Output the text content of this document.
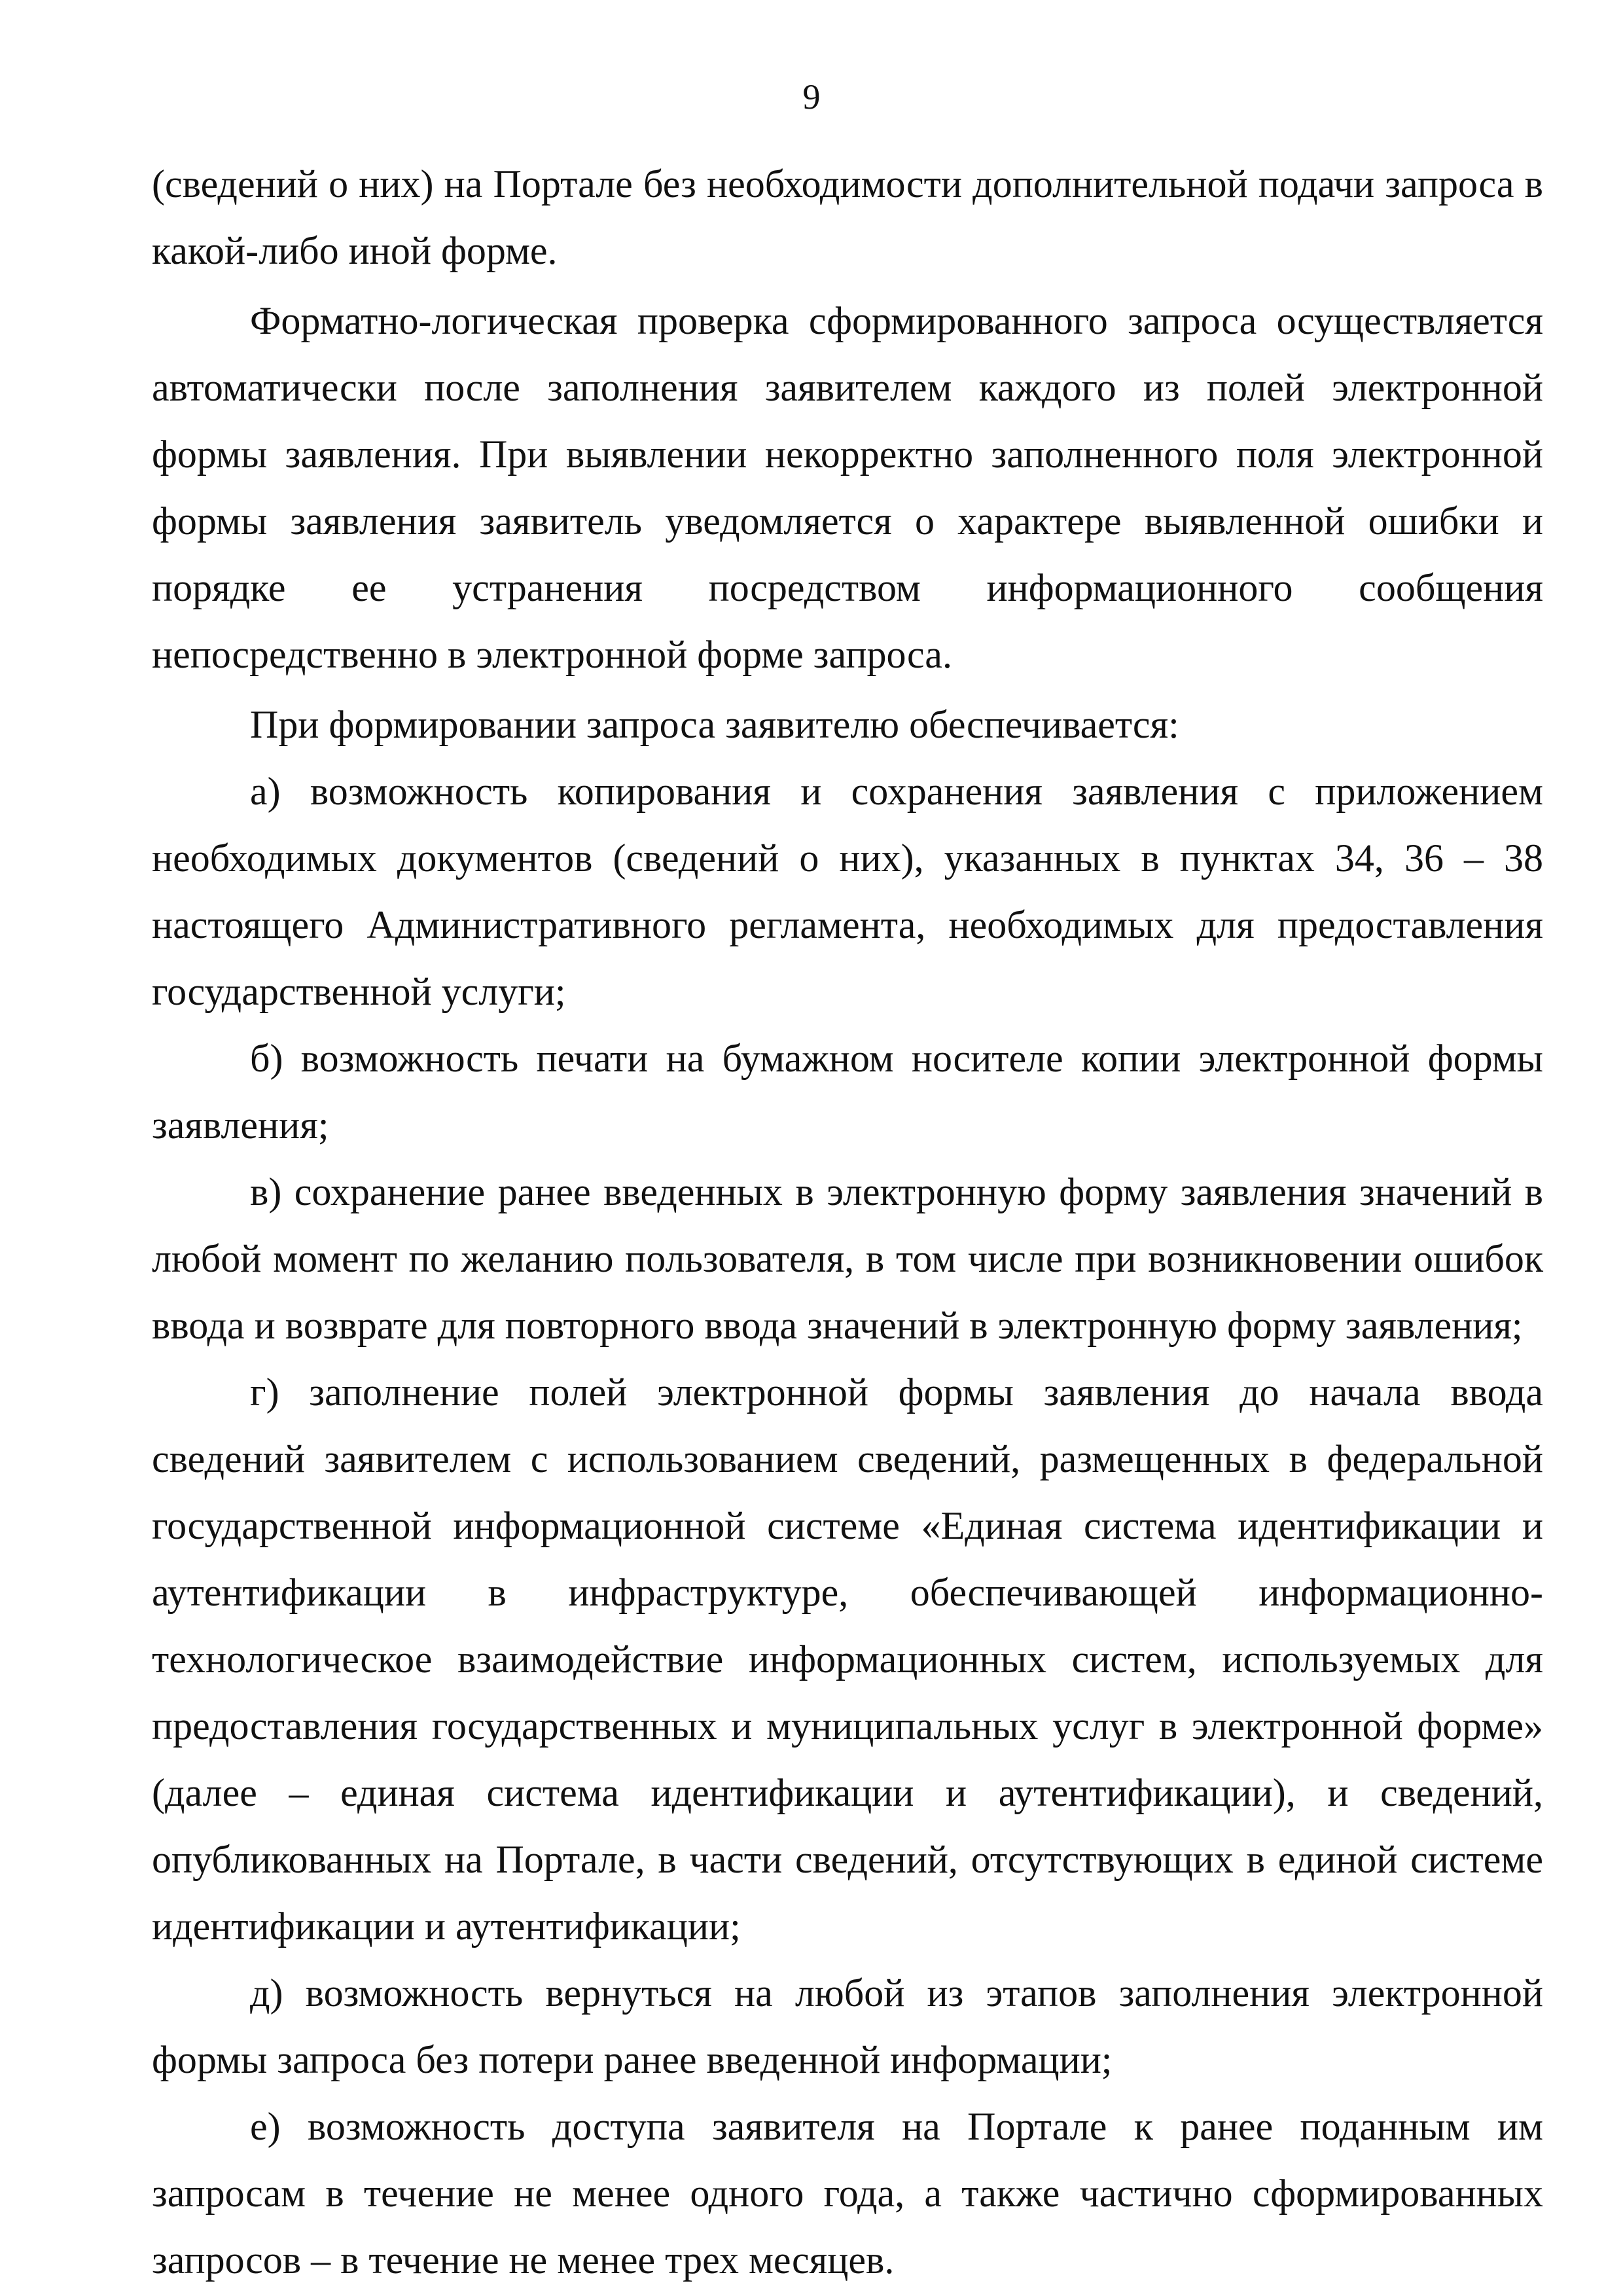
9

(сведений о них) на Портале без необходимости дополнительной подачи запроса в какой-либо иной форме.

Форматно-логическая проверка сформированного запроса осуществляется автоматически после заполнения заявителем каждого из полей электронной формы заявления. При выявлении некорректно заполненного поля электронной формы заявления заявитель уведомляется о характере выявленной ошибки и порядке ее устранения посредством информационного сообщения непосредственно в электронной форме запроса.

При формировании запроса заявителю обеспечивается:

а) возможность копирования и сохранения заявления с приложением необходимых документов (сведений о них), указанных в пунктах 34, 36 – 38 настоящего Административного регламента, необходимых для предоставления государственной услуги;

б) возможность печати на бумажном носителе копии электронной формы заявления;

в) сохранение ранее введенных в электронную форму заявления значений в любой момент по желанию пользователя, в том числе при возникновении ошибок ввода и возврате для повторного ввода значений в электронную форму заявления;

г) заполнение полей электронной формы заявления до начала ввода сведений заявителем с использованием сведений, размещенных в федеральной государственной информационной системе «Единая система идентификации и аутентификации в инфраструктуре, обеспечивающей информационно-технологическое взаимодействие информационных систем, используемых для предоставления государственных и муниципальных услуг в электронной форме» (далее – единая система идентификации и аутентификации), и сведений, опубликованных на Портале, в части сведений, отсутствующих в единой системе идентификации и аутентификации;

д) возможность вернуться на любой из этапов заполнения электронной формы запроса без потери ранее введенной информации;

е) возможность доступа заявителя на Портале к ранее поданным им запросам в течение не менее одного года, а также частично сформированных запросов – в течение не менее трех месяцев.
